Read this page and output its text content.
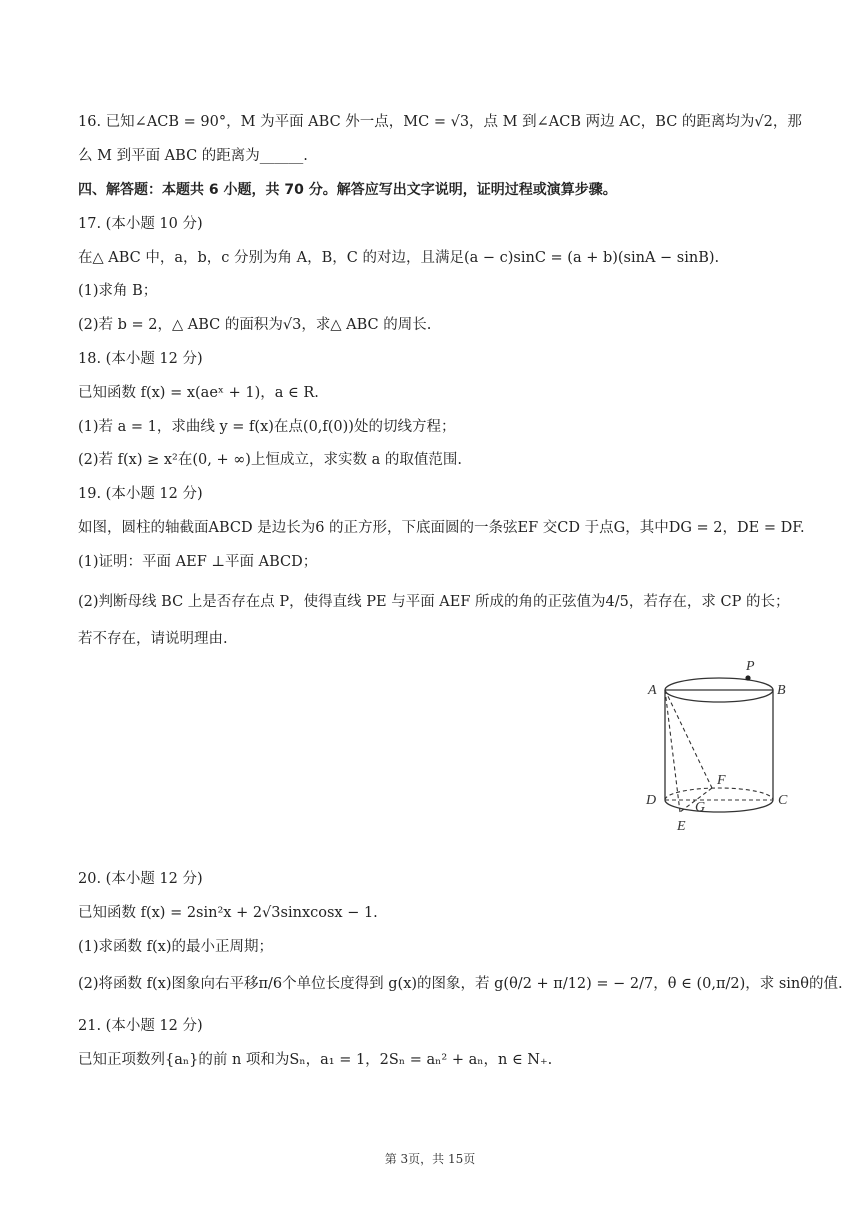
16. 已知∠ACB = 90°，M 为平面 ABC 外一点，MC = √3，点 M 到∠ACB 两边 AC，BC 的距离均为√2，那
么 M 到平面 ABC 的距离为______.
四、解答题：本题共 6 小题，共 70 分。解答应写出文字说明，证明过程或演算步骤。
17. (本小题 10 分)
在△ ABC 中，a，b，c 分别为角 A，B，C 的对边，且满足(a − c)sinC = (a + b)(sinA − sinB).
(1)求角 B；
(2)若 b = 2，△ ABC 的面积为√3，求△ ABC 的周长.
18. (本小题 12 分)
已知函数 f(x) = x(aeˣ + 1)，a ∈ R.
(1)若 a = 1，求曲线 y = f(x)在点(0,f(0))处的切线方程；
(2)若 f(x) ≥ x²在(0, + ∞)上恒成立，求实数 a 的取值范围.
19. (本小题 12 分)
如图，圆柱的轴截面ABCD 是边长为6 的正方形，下底面圆的一条弦EF 交CD 于点G，其中DG = 2，DE = DF.
(1)证明：平面 AEF ⊥平面 ABCD；
(2)判断母线 BC 上是否存在点 P，使得直线 PE 与平面 AEF 所成的角的正弦值为4/5，若存在，求 CP 的长；
若不存在，请说明理由.
A	B
P
F
D	C
G
E
20. (本小题 12 分)
已知函数 f(x) = 2sin²x + 2√3sinxcosx − 1.
(1)求函数 f(x)的最小正周期；
(2)将函数 f(x)图象向右平移π/6个单位长度得到 g(x)的图象，若 g(θ/2 + π/12) = − 2/7，θ ∈ (0,π/2)，求 sinθ的值.
21. (本小题 12 分)
已知正项数列{aₙ}的前 n 项和为Sₙ，a₁ = 1，2Sₙ = aₙ² + aₙ，n ∈ N₊.
第 3页，共 15页
